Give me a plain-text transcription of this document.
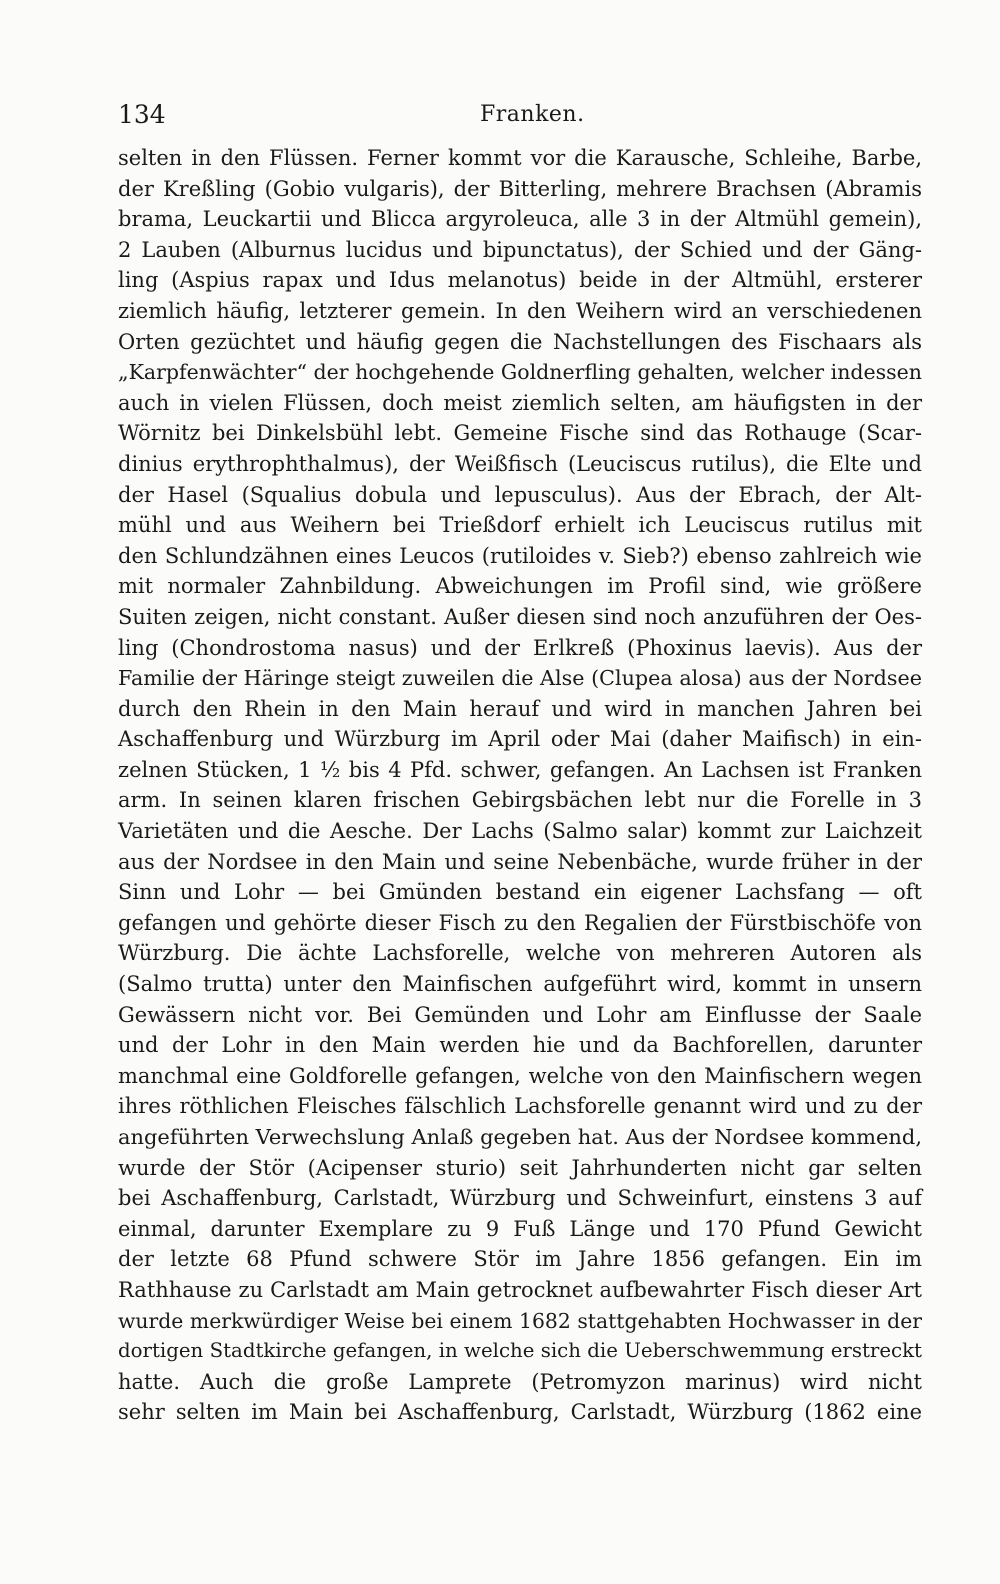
134	Franken.
selten in den Flüssen. Ferner kommt vor die Karausche, Schleihe, Barbe,
der Kreßling (Gobio vulgaris), der Bitterling, mehrere Brachsen (Abramis
brama, Leuckartii und Blicca argyroleuca, alle 3 in der Altmühl gemein),
2 Lauben (Alburnus lucidus und bipunctatus), der Schied und der Gäng-
ling (Aspius rapax und Idus melanotus) beide in der Altmühl, ersterer
ziemlich häufig, letzterer gemein. In den Weihern wird an verschiedenen
Orten gezüchtet und häufig gegen die Nachstellungen des Fischaars als
„Karpfenwächter“ der hochgehende Goldnerfling gehalten, welcher indessen
auch in vielen Flüssen, doch meist ziemlich selten, am häufigsten in der
Wörnitz bei Dinkelsbühl lebt. Gemeine Fische sind das Rothauge (Scar-
dinius erythrophthalmus), der Weißfisch (Leuciscus rutilus), die Elte und
der Hasel (Squalius dobula und lepusculus). Aus der Ebrach, der Alt-
mühl und aus Weihern bei Trießdorf erhielt ich Leuciscus rutilus mit
den Schlundzähnen eines Leucos (rutiloides v. Sieb?) ebenso zahlreich wie
mit normaler Zahnbildung. Abweichungen im Profil sind, wie größere
Suiten zeigen, nicht constant. Außer diesen sind noch anzuführen der Oes-
ling (Chondrostoma nasus) und der Erlkreß (Phoxinus laevis). Aus der
Familie der Häringe steigt zuweilen die Alse (Clupea alosa) aus der Nordsee
durch den Rhein in den Main herauf und wird in manchen Jahren bei
Aschaffenburg und Würzburg im April oder Mai (daher Maifisch) in ein-
zelnen Stücken, 1 ½ bis 4 Pfd. schwer, gefangen. An Lachsen ist Franken
arm. In seinen klaren frischen Gebirgsbächen lebt nur die Forelle in 3
Varietäten und die Aesche. Der Lachs (Salmo salar) kommt zur Laichzeit
aus der Nordsee in den Main und seine Nebenbäche, wurde früher in der
Sinn und Lohr — bei Gmünden bestand ein eigener Lachsfang — oft
gefangen und gehörte dieser Fisch zu den Regalien der Fürstbischöfe von
Würzburg. Die ächte Lachsforelle, welche von mehreren Autoren als
(Salmo trutta) unter den Mainfischen aufgeführt wird, kommt in unsern
Gewässern nicht vor. Bei Gemünden und Lohr am Einflusse der Saale
und der Lohr in den Main werden hie und da Bachforellen, darunter
manchmal eine Goldforelle gefangen, welche von den Mainfischern wegen
ihres röthlichen Fleisches fälschlich Lachsforelle genannt wird und zu der
angeführten Verwechslung Anlaß gegeben hat. Aus der Nordsee kommend,
wurde der Stör (Acipenser sturio) seit Jahrhunderten nicht gar selten
bei Aschaffenburg, Carlstadt, Würzburg und Schweinfurt, einstens 3 auf
einmal, darunter Exemplare zu 9 Fuß Länge und 170 Pfund Gewicht
der letzte 68 Pfund schwere Stör im Jahre 1856 gefangen. Ein im
Rathhause zu Carlstadt am Main getrocknet aufbewahrter Fisch dieser Art
wurde merkwürdiger Weise bei einem 1682 stattgehabten Hochwasser in der
dortigen Stadtkirche gefangen, in welche sich die Ueberschwemmung erstreckt
hatte. Auch die große Lamprete (Petromyzon marinus) wird nicht
sehr selten im Main bei Aschaffenburg, Carlstadt, Würzburg (1862 eine
